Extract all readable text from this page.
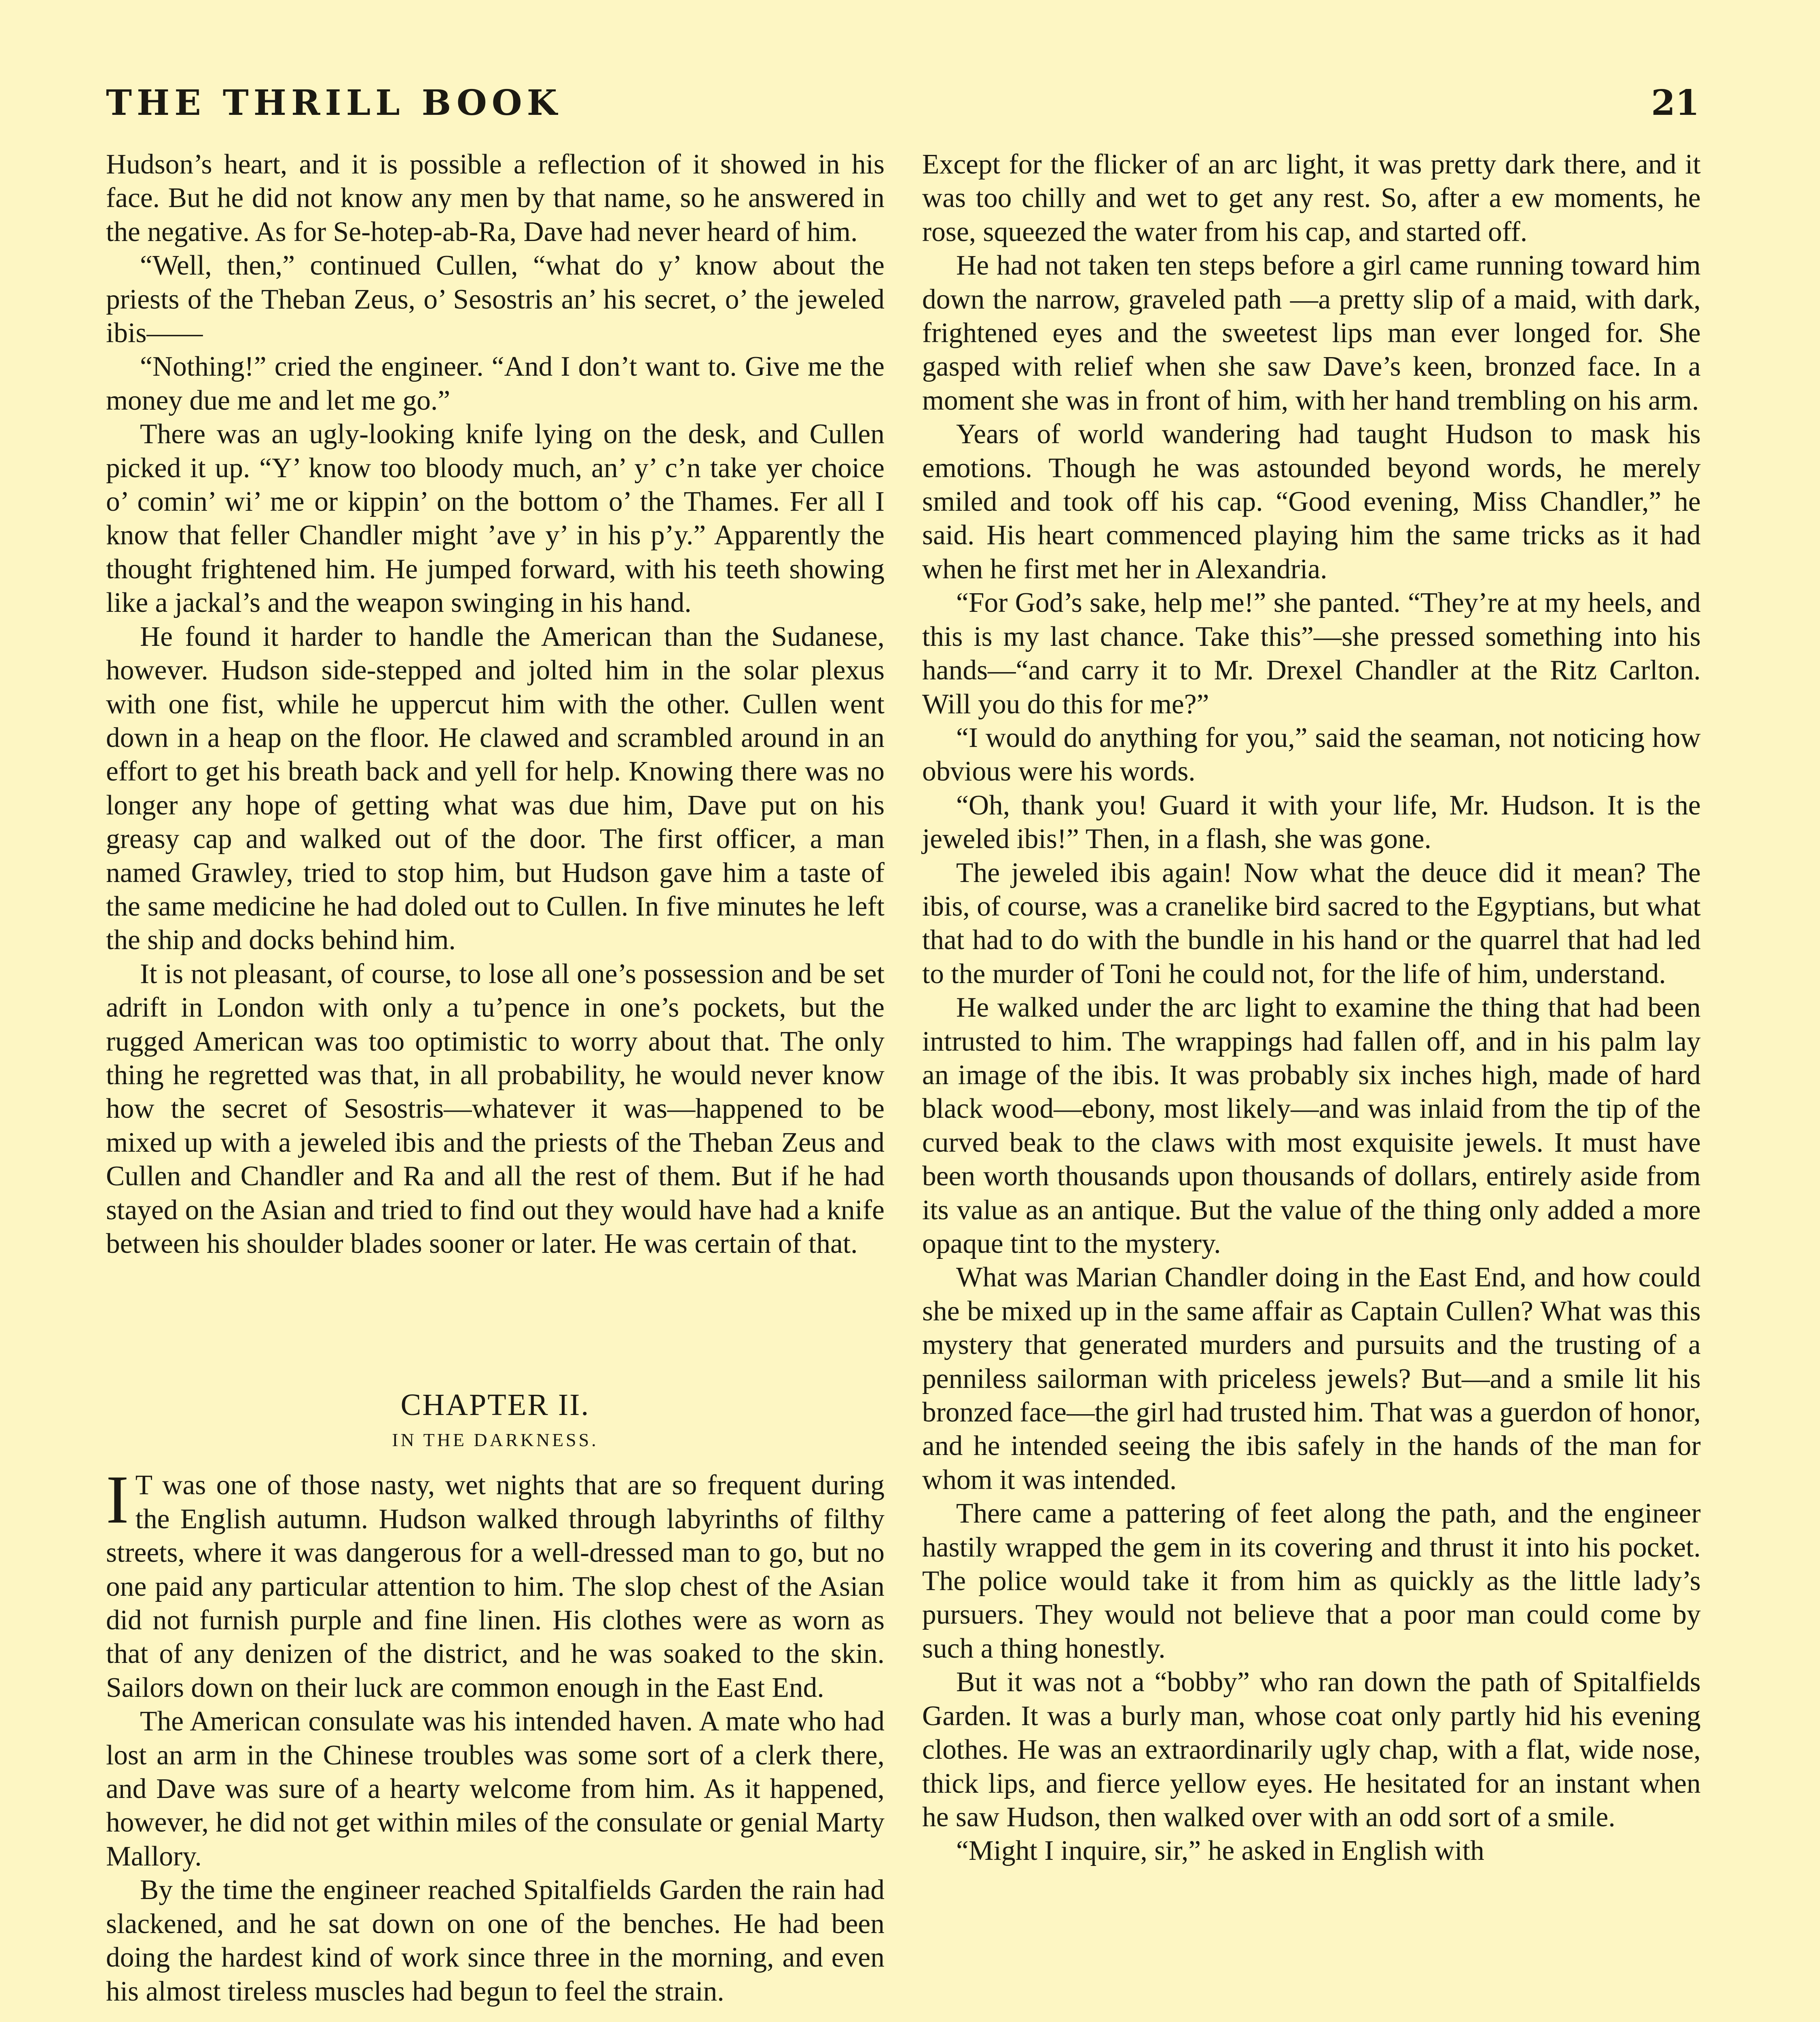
THE THRILL BOOK	21

Hudson’s heart, and it is possible a reflection of it showed in his face. But he did not know any men by that name, so he answered in the negative. As for Se-hotep-ab-Ra, Dave had never heard of him.

“Well, then,” continued Cullen, “what do y’ know about the priests of the Theban Zeus, o’ Sesostris an’ his secret, o’ the jeweled ibis——

“Nothing!” cried the engineer. “And I don’t want to. Give me the money due me and let me go.”

There was an ugly-looking knife lying on the desk, and Cullen picked it up. “Y’ know too bloody much, an’ y’ c’n take yer choice o’ comin’ wi’ me or kippin’ on the bottom o’ the Thames. Fer all I know that feller Chandler might ’ave y’ in his p’y.” Apparently the thought frightened him. He jumped forward, with his teeth showing like a jackal’s and the weapon swinging in his hand.

He found it harder to handle the American than the Sudanese, however. Hudson side-stepped and jolted him in the solar plexus with one fist, while he uppercut him with the other. Cullen went down in a heap on the floor. He clawed and scrambled around in an effort to get his breath back and yell for help. Knowing there was no longer any hope of getting what was due him, Dave put on his greasy cap and walked out of the door. The first officer, a man named Grawley, tried to stop him, but Hudson gave him a taste of the same medicine he had doled out to Cullen. In five minutes he left the ship and docks behind him.

It is not pleasant, of course, to lose all one’s possession and be set adrift in London with only a tu’pence in one’s pockets, but the rugged American was too optimistic to worry about that. The only thing he regretted was that, in all probability, he would never know how the secret of Sesostris—whatever it was—happened to be mixed up with a jeweled ibis and the priests of the Theban Zeus and Cullen and Chandler and Ra and all the rest of them. But if he had stayed on the Asian and tried to find out they would have had a knife between his shoulder blades sooner or later. He was certain of that.

CHAPTER II.
IN THE DARKNESS.

I T was one of those nasty, wet nights that are so frequent during the English autumn. Hudson walked through labyrinths of filthy streets, where it was dangerous for a well-dressed man to go, but no one paid any particular attention to him. The slop chest of the Asian did not furnish purple and fine linen. His clothes were as worn as that of any denizen of the district, and he was soaked to the skin. Sailors down on their luck are common enough in the East End.

The American consulate was his intended haven. A mate who had lost an arm in the Chinese troubles was some sort of a clerk there, and Dave was sure of a hearty welcome from him. As it happened, however, he did not get within miles of the consulate or genial Marty Mallory.

By the time the engineer reached Spitalfields Garden the rain had slackened, and he sat down on one of the benches. He had been doing the hardest kind of work since three in the morning, and even his almost tireless muscles had begun to feel the strain.

Except for the flicker of an arc light, it was pretty dark there, and it was too chilly and wet to get any rest. So, after a ew moments, he rose, squeezed the water from his cap, and started off.

He had not taken ten steps before a girl came running toward him down the narrow, graveled path —a pretty slip of a maid, with dark, frightened eyes and the sweetest lips man ever longed for. She gasped with relief when she saw Dave’s keen, bronzed face. In a moment she was in front of him, with her hand trembling on his arm.

Years of world wandering had taught Hudson to mask his emotions. Though he was astounded beyond words, he merely smiled and took off his cap. “Good evening, Miss Chandler,” he said. His heart commenced playing him the same tricks as it had when he first met her in Alexandria.

“For God’s sake, help me!” she panted. “They’re at my heels, and this is my last chance. Take this”—she pressed something into his hands—“and carry it to Mr. Drexel Chandler at the Ritz Carlton. Will you do this for me?”

“I would do anything for you,” said the seaman, not noticing how obvious were his words.

“Oh, thank you! Guard it with your life, Mr. Hudson. It is the jeweled ibis!” Then, in a flash, she was gone.

The jeweled ibis again! Now what the deuce did it mean? The ibis, of course, was a cranelike bird sacred to the Egyptians, but what that had to do with the bundle in his hand or the quarrel that had led to the murder of Toni he could not, for the life of him, understand.

He walked under the arc light to examine the thing that had been intrusted to him. The wrappings had fallen off, and in his palm lay an image of the ibis. It was probably six inches high, made of hard black wood—ebony, most likely—and was inlaid from the tip of the curved beak to the claws with most exquisite jewels. It must have been worth thousands upon thousands of dollars, entirely aside from its value as an antique. But the value of the thing only added a more opaque tint to the mystery.

What was Marian Chandler doing in the East End, and how could she be mixed up in the same affair as Captain Cullen? What was this mystery that generated murders and pursuits and the trusting of a penniless sailorman with priceless jewels? But—and a smile lit his bronzed face—the girl had trusted him. That was a guerdon of honor, and he intended seeing the ibis safely in the hands of the man for whom it was intended.

There came a pattering of feet along the path, and the engineer hastily wrapped the gem in its covering and thrust it into his pocket. The police would take it from him as quickly as the little lady’s pursuers. They would not believe that a poor man could come by such a thing honestly.

But it was not a “bobby” who ran down the path of Spitalfields Garden. It was a burly man, whose coat only partly hid his evening clothes. He was an extraordinarily ugly chap, with a flat, wide nose, thick lips, and fierce yellow eyes. He hesitated for an instant when he saw Hudson, then walked over with an odd sort of a smile.

“Might I inquire, sir,” he asked in English with
